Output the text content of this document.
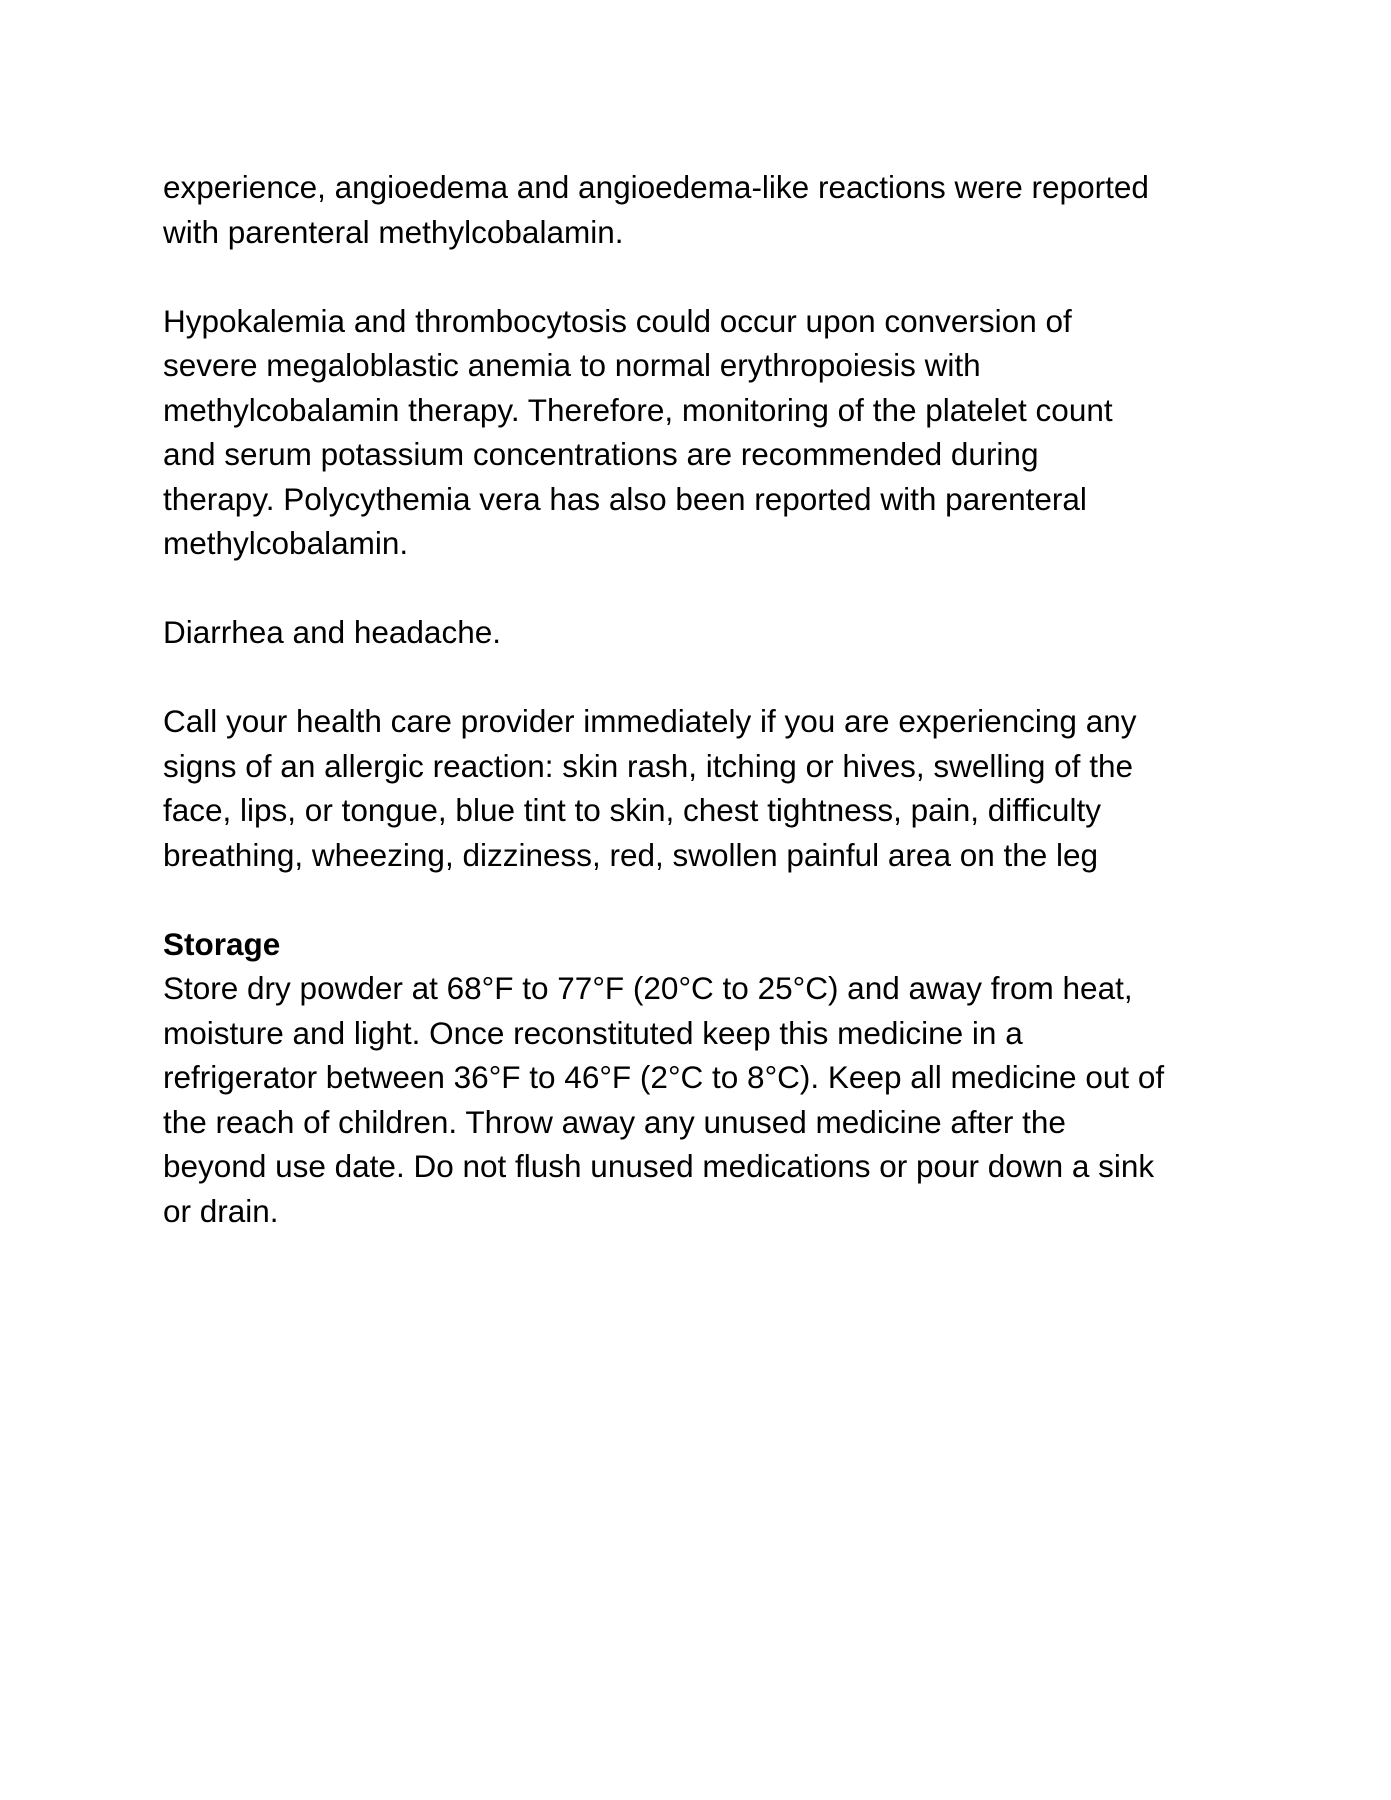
experience, angioedema and angioedema-like reactions were reported
with parenteral methylcobalamin.

Hypokalemia and thrombocytosis could occur upon conversion of
severe megaloblastic anemia to normal erythropoiesis with
methylcobalamin therapy. Therefore, monitoring of the platelet count
and serum potassium concentrations are recommended during
therapy. Polycythemia vera has also been reported with parenteral
methylcobalamin.

Diarrhea and headache.

Call your health care provider immediately if you are experiencing any
signs of an allergic reaction: skin rash, itching or hives, swelling of the
face, lips, or tongue, blue tint to skin, chest tightness, pain, difficulty
breathing, wheezing, dizziness, red, swollen painful area on the leg

Storage
Store dry powder at 68°F to 77°F (20°C to 25°C) and away from heat,
moisture and light. Once reconstituted keep this medicine in a
refrigerator between 36°F to 46°F (2°C to 8°C). Keep all medicine out of
the reach of children. Throw away any unused medicine after the
beyond use date. Do not flush unused medications or pour down a sink
or drain.
